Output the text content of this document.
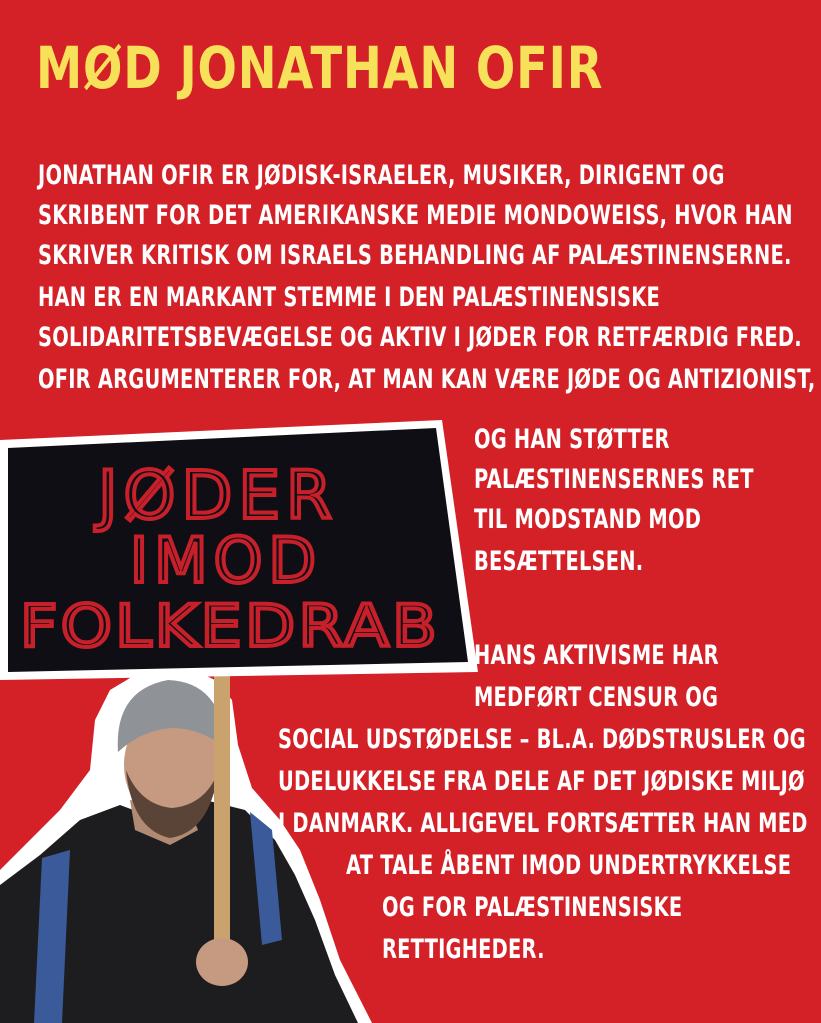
JØDER
IMOD
FOLKEDRAB
MØD JONATHAN OFIR
JONATHAN OFIR ER JØDISK-ISRAELER, MUSIKER, DIRIGENT OG
SKRIBENT FOR DET AMERIKANSKE MEDIE MONDOWEISS, HVOR HAN
SKRIVER KRITISK OM ISRAELS BEHANDLING AF PALÆSTINENSERNE.
HAN ER EN MARKANT STEMME I DEN PALÆSTINENSISKE
SOLIDARITETSBEVÆGELSE OG AKTIV I JØDER FOR RETFÆRDIG FRED.
OFIR ARGUMENTERER FOR, AT MAN KAN VÆRE JØDE OG ANTIZIONIST,
OG HAN STØTTER
PALÆSTINENSERNES RET
TIL MODSTAND MOD
BESÆTTELSEN.
HANS AKTIVISME HAR
MEDFØRT CENSUR OG
SOCIAL UDSTØDELSE – BL.A. DØDSTRUSLER OG
UDELUKKELSE FRA DELE AF DET JØDISKE MILJØ
I DANMARK. ALLIGEVEL FORTSÆTTER HAN MED
AT TALE ÅBENT IMOD UNDERTRYKKELSE
OG FOR PALÆSTINENSISKE
RETTIGHEDER.
